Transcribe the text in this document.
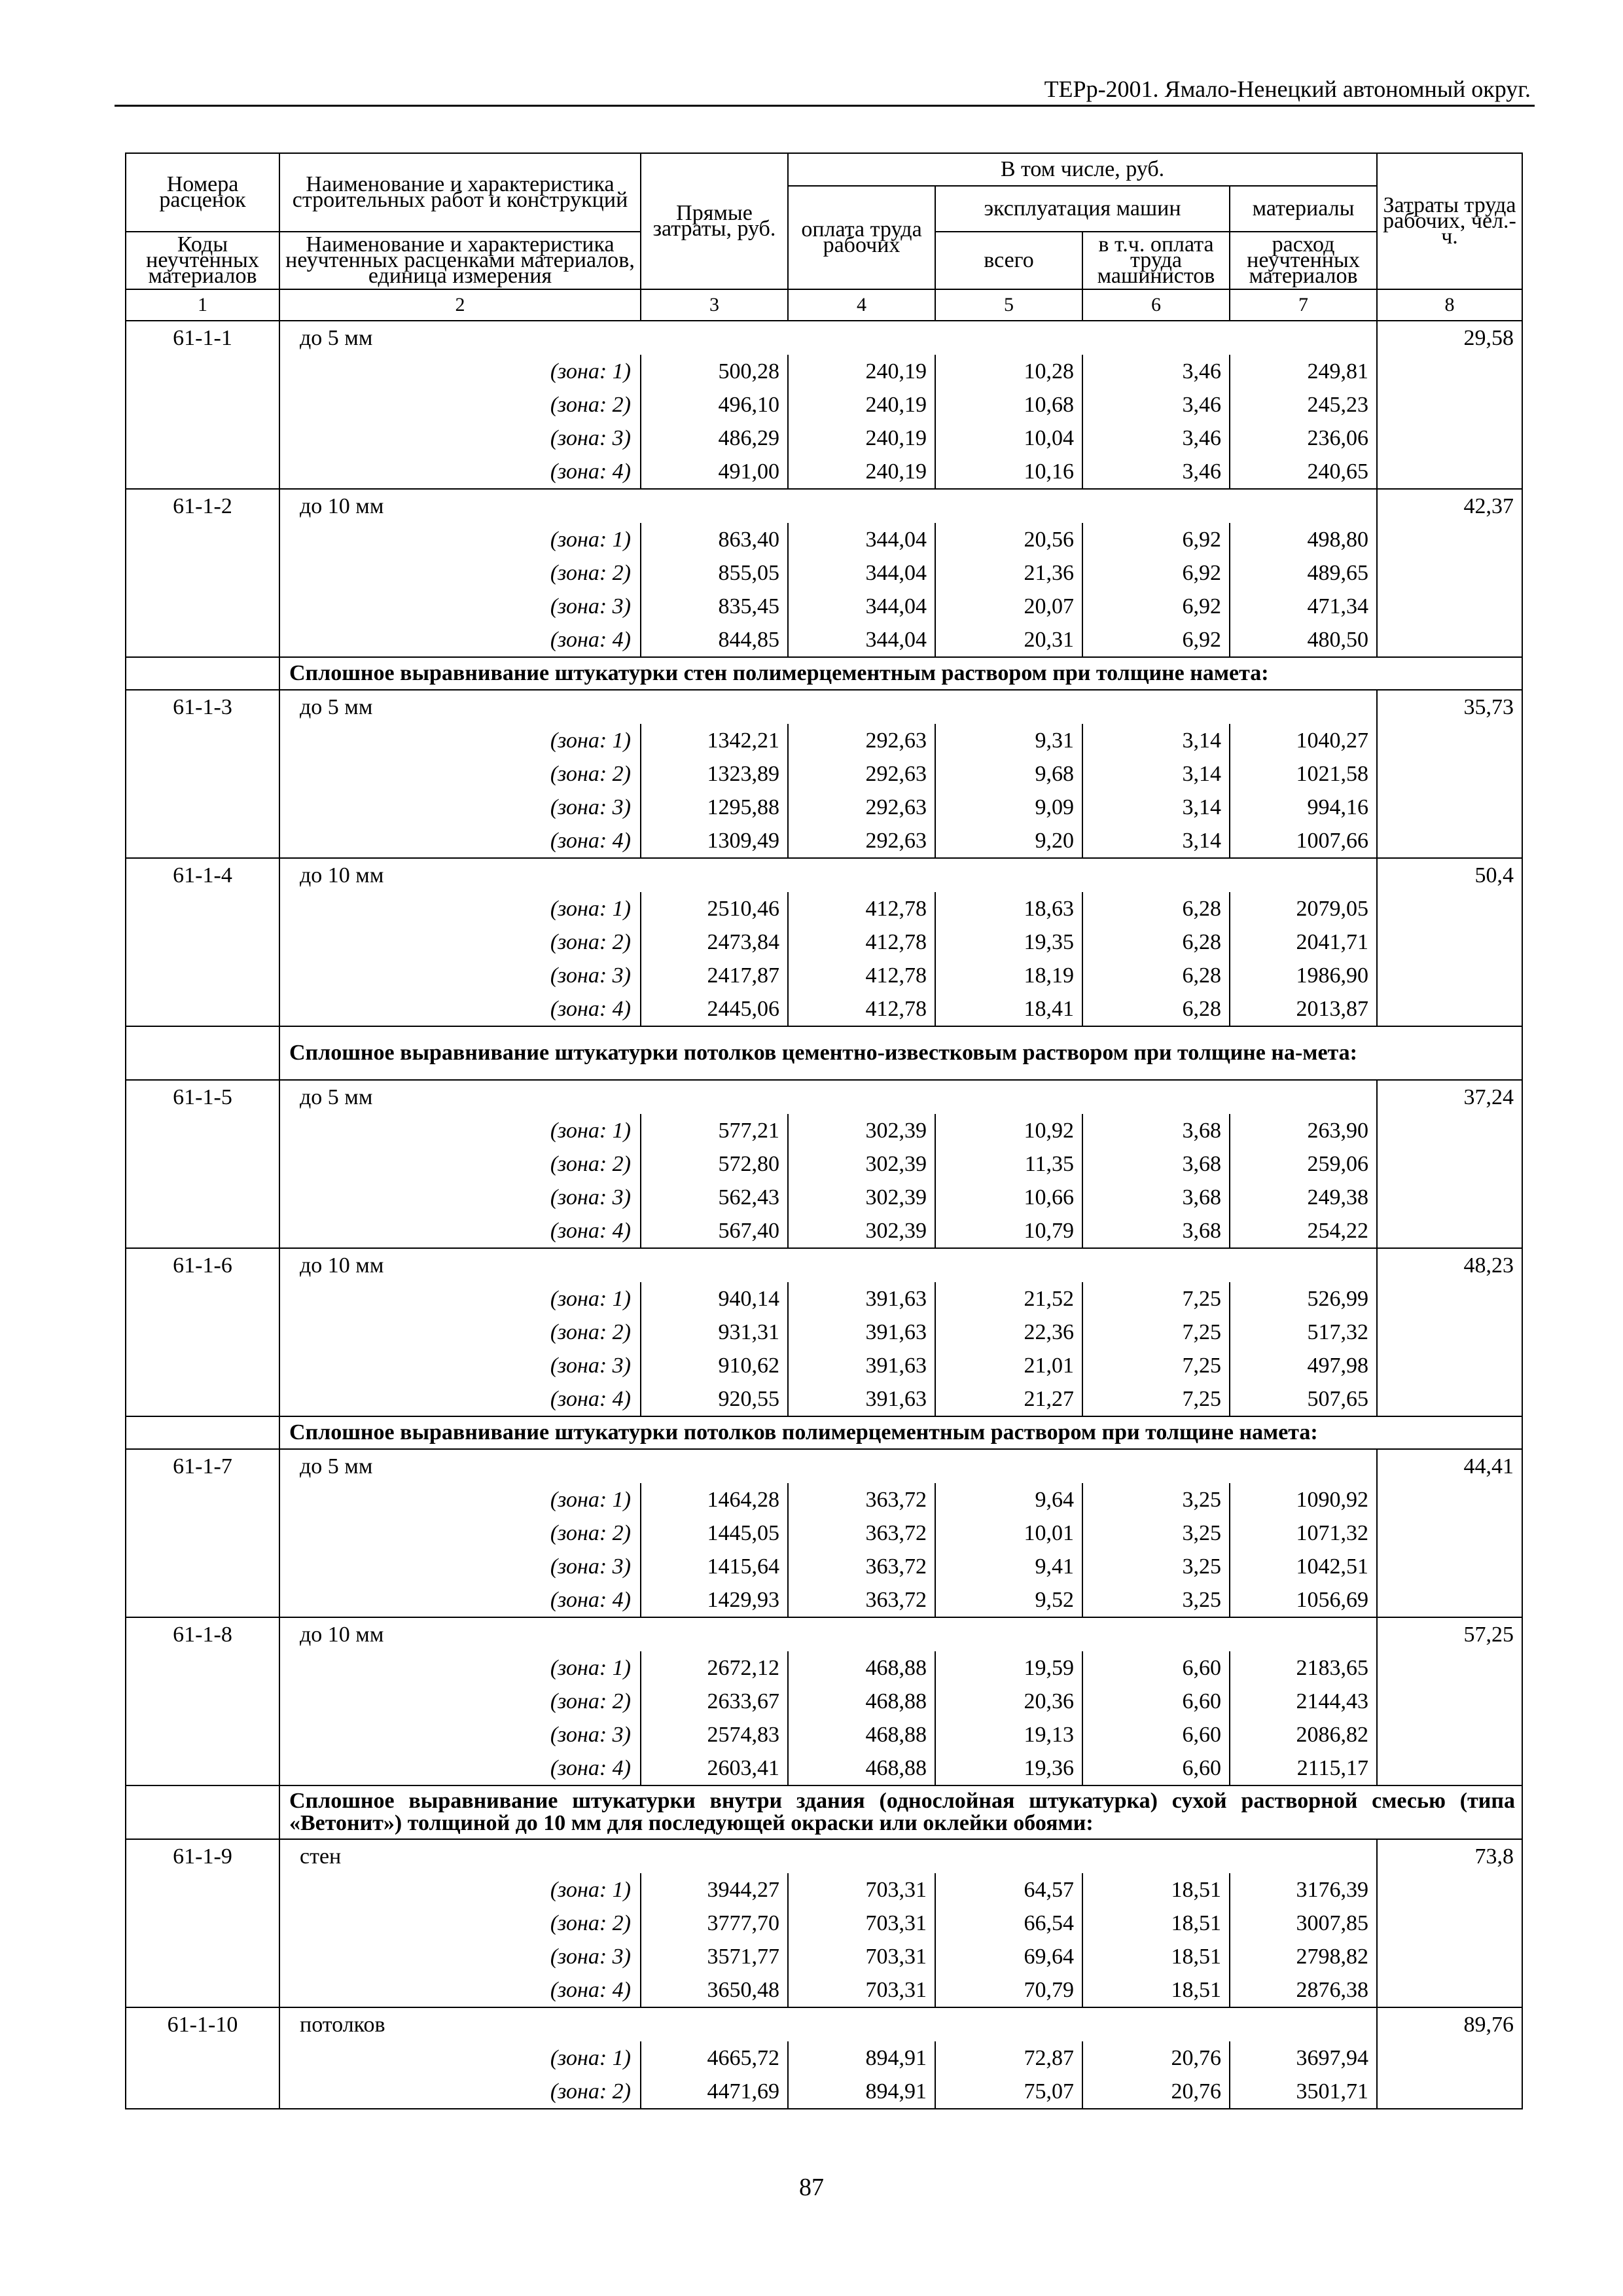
ТЕРр-2001. Ямало-Ненецкий автономный округ.
Номера расценок	Наименование и характеристика строительных работ и конструкций	Прямые затраты, руб.	В том числе, руб.				Затраты труда рабочих, чел.-ч.
			оплата труда рабочих	эксплуатация машин		материалы	
Коды неучтенных материалов	Наименование и характеристика неучтенных расценками материалов, единица измерения			всего	в т.ч. оплата труда машинистов	расход неучтенных материалов	
1	2	3	4	5	6	7	8
61-1-1	до 5 мм						29,58
	(зона: 1)	500,28	240,19	10,28	3,46	249,81	
	(зона: 2)	496,10	240,19	10,68	3,46	245,23	
	(зона: 3)	486,29	240,19	10,04	3,46	236,06	
	(зона: 4)	491,00	240,19	10,16	3,46	240,65	
61-1-2	до 10 мм						42,37
	(зона: 1)	863,40	344,04	20,56	6,92	498,80	
	(зона: 2)	855,05	344,04	21,36	6,92	489,65	
	(зона: 3)	835,45	344,04	20,07	6,92	471,34	
	(зона: 4)	844,85	344,04	20,31	6,92	480,50	
	Сплошное выравнивание штукатурки стен полимерцементным раствором при толщине намета:						
61-1-3	до 5 мм						35,73
	(зона: 1)	1342,21	292,63	9,31	3,14	1040,27	
	(зона: 2)	1323,89	292,63	9,68	3,14	1021,58	
	(зона: 3)	1295,88	292,63	9,09	3,14	994,16	
	(зона: 4)	1309,49	292,63	9,20	3,14	1007,66	
61-1-4	до 10 мм						50,4
	(зона: 1)	2510,46	412,78	18,63	6,28	2079,05	
	(зона: 2)	2473,84	412,78	19,35	6,28	2041,71	
	(зона: 3)	2417,87	412,78	18,19	6,28	1986,90	
	(зона: 4)	2445,06	412,78	18,41	6,28	2013,87	
	Сплошное выравнивание штукатурки потолков цементно-известковым раствором при толщине на-мета:						
61-1-5	до 5 мм						37,24
	(зона: 1)	577,21	302,39	10,92	3,68	263,90	
	(зона: 2)	572,80	302,39	11,35	3,68	259,06	
	(зона: 3)	562,43	302,39	10,66	3,68	249,38	
	(зона: 4)	567,40	302,39	10,79	3,68	254,22	
61-1-6	до 10 мм						48,23
	(зона: 1)	940,14	391,63	21,52	7,25	526,99	
	(зона: 2)	931,31	391,63	22,36	7,25	517,32	
	(зона: 3)	910,62	391,63	21,01	7,25	497,98	
	(зона: 4)	920,55	391,63	21,27	7,25	507,65	
	Сплошное выравнивание штукатурки потолков полимерцементным раствором при толщине намета:						
61-1-7	до 5 мм						44,41
	(зона: 1)	1464,28	363,72	9,64	3,25	1090,92	
	(зона: 2)	1445,05	363,72	10,01	3,25	1071,32	
	(зона: 3)	1415,64	363,72	9,41	3,25	1042,51	
	(зона: 4)	1429,93	363,72	9,52	3,25	1056,69	
61-1-8	до 10 мм						57,25
	(зона: 1)	2672,12	468,88	19,59	6,60	2183,65	
	(зона: 2)	2633,67	468,88	20,36	6,60	2144,43	
	(зона: 3)	2574,83	468,88	19,13	6,60	2086,82	
	(зона: 4)	2603,41	468,88	19,36	6,60	2115,17	
	Сплошное выравнивание штукатурки внутри здания (однослойная штукатурка) сухой растворной смесью (типа «Ветонит») толщиной до 10 мм для последующей окраски или оклейки обоями:						
61-1-9	стен						73,8
	(зона: 1)	3944,27	703,31	64,57	18,51	3176,39	
	(зона: 2)	3777,70	703,31	66,54	18,51	3007,85	
	(зона: 3)	3571,77	703,31	69,64	18,51	2798,82	
	(зона: 4)	3650,48	703,31	70,79	18,51	2876,38	
61-1-10	потолков						89,76
	(зона: 1)	4665,72	894,91	72,87	20,76	3697,94	
	(зона: 2)	4471,69	894,91	75,07	20,76	3501,71	
87
